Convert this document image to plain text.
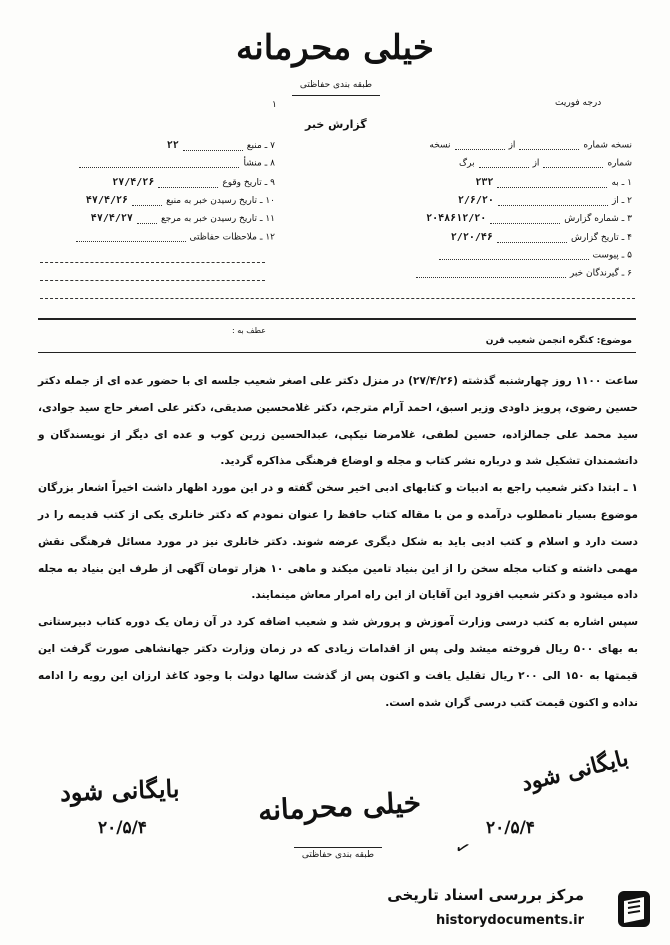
خیلی محرمانه
طبقه بندی حفاظتی
۱	درجه فوریت
گزارش خبر
نسخه شمارهازنسخه
شمارهازبرگ
۱ ـ به۲۳۲
۲ ـ از۲/۶/۲۰
۳ ـ شماره گزارش۲۰۴۸۶۱۲/۲۰
۴ ـ تاریخ گزارش۲/۲۰/۴۶
۵ ـ پیوست
۶ ـ گیرندگان خبر
۷ ـ منبع۲۲
۸ ـ منشأ
۹ ـ تاریخ وقوع۲۷/۴/۲۶
۱۰ ـ تاریخ رسیدن خبر به منبع۴۷/۴/۲۶
۱۱ ـ تاریخ رسیدن خبر به مرجع۴۷/۴/۲۷
۱۲ ـ ملاحظات حفاظتی
عطف به :
موضوع: کنگره انجمن شعیب قرن

ساعت ۱۱۰۰ روز چهارشنبه گذشته (۲۷/۴/۲۶) در منزل دکتر علی اصغر شعیب جلسه ای با حضور عده ای از جمله دکتر حسین رضوی، پرویز داودی وزیر اسبق، احمد آرام مترجم، دکتر غلامحسین صدیقی، دکتر علی اصغر حاج سید جوادی، سید محمد علی جمالزاده، حسین لطفی، غلامرضا نیکپی، عبدالحسین زرین کوب و عده ای دیگر از نویسندگان و دانشمندان تشکیل شد و درباره نشر کتاب و مجله و اوضاع فرهنگی مذاکره گردید.

۱ ـ ابتدا دکتر شعیب راجع به ادبیات و کتابهای ادبی اخیر سخن گفته و در این مورد اظهار داشت اخیراً اشعار بزرگان موضوع بسیار نامطلوب درآمده و من با مقاله کتاب حافظ را عنوان نمودم که دکتر خانلری یکی از کتب قدیمه را در دست دارد و اسلام و کتب ادبی باید به شکل دیگری عرضه شوند. دکتر خانلری نیز در مورد مسائل فرهنگی نقش مهمی داشته و کتاب مجله سخن را از این بنیاد تامین میکند و ماهی ۱۰ هزار تومان آگهی از طرف این بنیاد به مجله داده میشود و دکتر شعیب افزود این آقایان از این راه امرار معاش مینمایند.

سپس اشاره به کتب درسی وزارت آموزش و پرورش شد و شعیب اضافه کرد در آن زمان یک دوره کتاب دبیرستانی به بهای ۵۰۰ ریال فروخته میشد ولی پس از اقدامات زیادی که در زمان وزارت دکتر جهانشاهی صورت گرفت این قیمتها به ۱۵۰ الی ۲۰۰ ریال تقلیل یافت و اکنون پس از گذشت سالها دولت با وجود کاغذ ارزان این رویه را ادامه نداده و اکنون قیمت کتب درسی گران شده است.

بایگانی شود
۲۰/۵/۴
بایگانی شود
۲۰/۵/۴
خیلی محرمانه
طبقه بندی حفاظتی	✓
مرکز بررسی اسناد تاریخی
historydocuments.ir
